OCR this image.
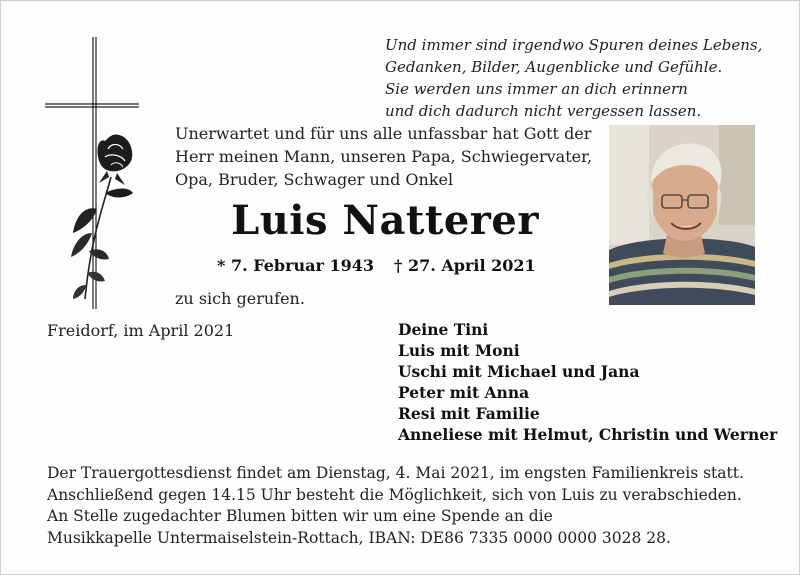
Und immer sind irgendwo Spuren deines Lebens,
Gedanken, Bilder, Augenblicke und Gefühle.
Sie werden uns immer an dich erinnern
und dich dadurch nicht vergessen lassen.
Unerwartet und für uns alle unfassbar hat Gott der
Herr meinen Mann, unseren Papa, Schwiegervater,
Opa, Bruder, Schwager und Onkel
Luis Natterer
* 7. Februar 1943 † 27. April 2021
zu sich gerufen.
Freidorf, im April 2021	Deine Tini
Luis mit Moni
Uschi mit Michael und Jana
Peter mit Anna
Resi mit Familie
Anneliese mit Helmut, Christin und Werner
Der Trauergottesdienst findet am Dienstag, 4. Mai 2021, im engsten Familienkreis statt.
Anschließend gegen 14.15 Uhr besteht die Möglichkeit, sich von Luis zu verabschieden.
An Stelle zugedachter Blumen bitten wir um eine Spende an die
Musikkapelle Untermaiselstein-Rottach, IBAN: DE86 7335 0000 0000 3028 28.
